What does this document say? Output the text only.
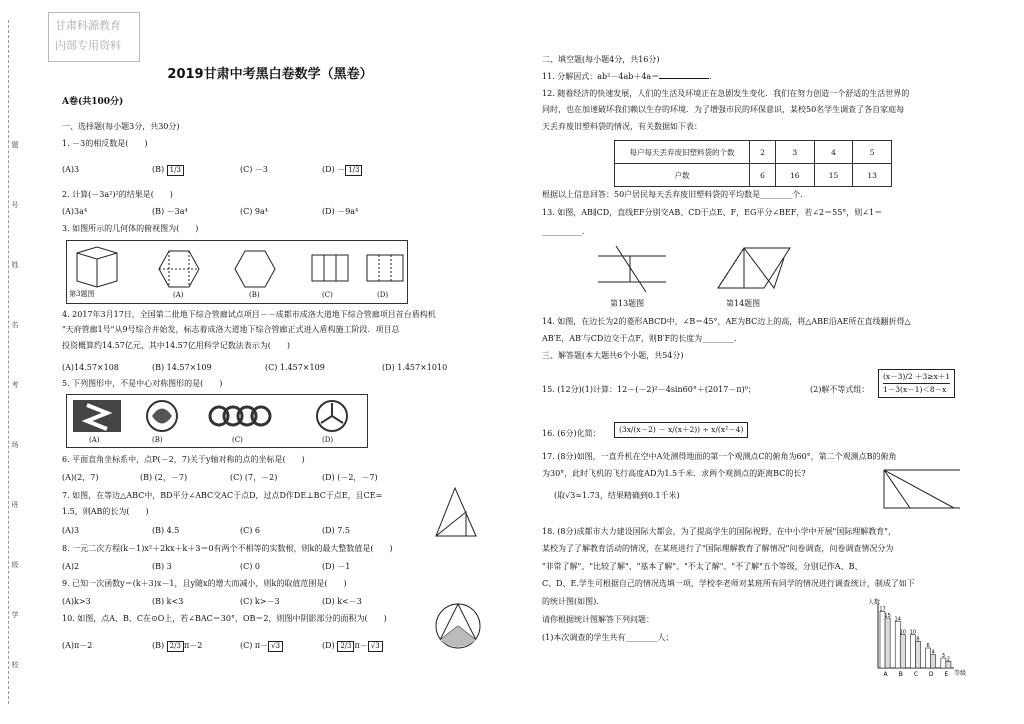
题
号
姓
名
考
场
班
级
学
校
甘肃科源教育
内部专用资料
2019甘肃中考黑白卷数学（黑卷）
A卷(共100分)
一、选择题(每小题3分，共30分)
1. －3的相反数是(　　)
(A)3	(B) 1/3	(C) －3	(D) － 1/3
2. 计算(－3a²)²的结果是(　　)
(A)3a⁴	(B) －3a⁴	(C) 9a⁴	(D) －9a⁴
3. 如图所示的几何体的俯视图为(　　)
第3题图	(A)	(B)	(C)	(D)
4. 2017年3月17日，全国第二批地下综合管廊试点项目－－成都市成洛大道地下综合管廊项目首台盾构机
"天府管廊1号"从9号综合井始发，标志着成洛大道地下综合管廊正式进入盾构施工阶段．项目总
投资概算约14.57亿元，其中14.57亿用科学记数法表示为(　　)
(A)14.57×108	(B) 14.57×109	(C) 1.457×109	(D) 1.457×1010
5. 下列图形中，不是中心对称图形的是(　　)
(A)	(B)	(C)	(D)
6. 平面直角坐标系中，点P(－2，7)关于y轴对称的点的坐标是(　　)
(A)(2，7)	(B) (2，－7)	(C) (7，－2)	(D) (－2，－7)
7. 如图，在等边△ABC中，BD平分∠ABC交AC于点D，过点D作DE⊥BC于点E，且CE=
1.5，则AB的长为(　　)
(A)3	(B) 4.5	(C) 6	(D) 7.5
8. 一元二次方程(k－1)x²＋2kx＋k＋3＝0有两个不相等的实数根，则k的最大整数值是(　　)
(A)2	(B) 3	(C) 0	(D) －1
9. 已知一次函数y＝(k＋3)x－1，且y随x的增大而减小，则k的取值范围是(　　)
(A)k>3	(B) k<3	(C) k>－3	(D) k<－3
10. 如图，点A、B、C在⊙O上，若∠BAC＝30°，OB＝2，则图中阴影部分的面积为(　　)
(A)π－2	(B) 2/3 π－2	(C) π－ √3	(D) 2/3 π－ √3
二、填空题(每小题4分，共16分)
11. 分解因式：ab²－4ab＋4a＝	.
12. 随着经济的快速发展，人们的生活及环境正在急剧发生变化．我们在努力创造一个舒适的生活世界的
同时，也在加速破坏我们赖以生存的环境．为了增强市民的环保意识，某校50名学生调查了各自家庭每
天丢弃废旧塑料袋的情况，有关数据如下表：
每户每天丢弃废旧塑料袋的个数	2	3	4	5
户数	6	16	15	13
根据以上信息回答：50户居民每天丢弃废旧塑料袋的平均数是________个．
13. 如图，AB∥CD，直线EF分别交AB、CD于点E、F，EG平分∠BEF，若∠2＝55°，则∠1＝
__________．
第13题图	第14题图
14. 如图，在边长为2的菱形ABCD中，∠B＝45°，AE为BC边上的高，将△ABE沿AE所在直线翻折得△
AB′E，AB′与CD边交于点F，则B′F的长度为________．
三、解答题(本大题共6个小题，共54分)
15. (12分)(1)计算：12－(－2)²－4sin60°＋(2017－π)⁰；	(2)解不等式组：
(x－3)/2 ＋3≥x＋1
1－3(x－1)＜8－x
16. (6分)化简：	(3x/(x－2) － x/(x＋2)) ÷ x/(x²－4)
17. (8分)如图，一直升机在空中A处测得地面的第一个观测点C的俯角为60°，第二个观测点B的俯角
为30°，此时飞机的飞行高度AD为1.5千米．求两个观测点的距离BC的长?
(取√3≈1.73，结果精确到0.1千米)
18. (8分)成都市大力建设国际大都会，为了提高学生的国际视野，在中小学中开展"国际理解教育"，
某校为了了解教育活动的情况，在某班进行了"国际理解教育了解情况"问卷调查，问卷调查情况分为
"非常了解"、"比较了解"、"基本了解"、"不太了解"、"不了解"五个等级，分别记作A、B、
C、D、E.学生可根据自己的情况选填一项，学校李老师对某班所有同学的情况进行调查统计，制成了如下
的统计图(如图)．
请你根据统计图解答下列问题：
(1)本次调查的学生共有________人；
人数
等级
17
15
A
14
10
B
10
8
C
6
4
D
3
2
E
